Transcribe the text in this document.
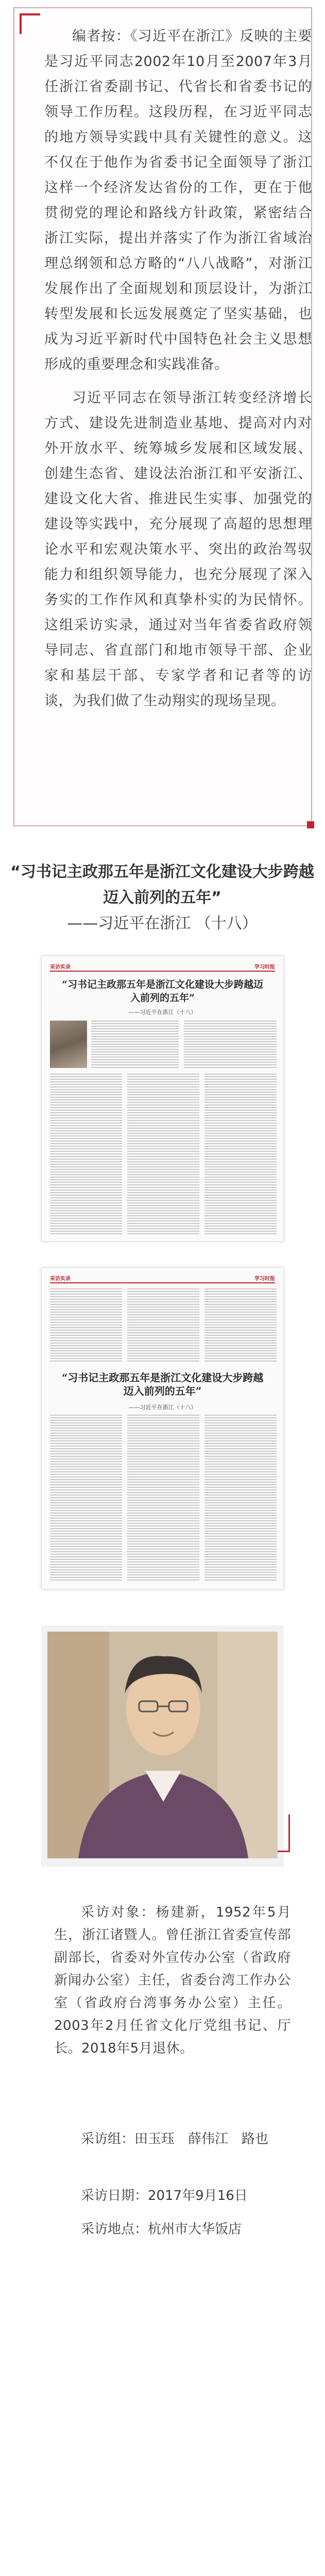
编者按：《习近平在浙江》反映的主要是习近平同志2002年10月至2007年3月任浙江省委副书记、代省长和省委书记的领导工作历程。这段历程，在习近平同志的地方领导实践中具有关键性的意义。这不仅在于他作为省委书记全面领导了浙江这样一个经济发达省份的工作，更在于他贯彻党的理论和路线方针政策，紧密结合浙江实际，提出并落实了作为浙江省域治理总纲领和总方略的“八八战略”，对浙江发展作出了全面规划和顶层设计，为浙江转型发展和长远发展奠定了坚实基础，也成为习近平新时代中国特色社会主义思想形成的重要理念和实践准备。

习近平同志在领导浙江转变经济增长方式、建设先进制造业基地、提高对内对外开放水平、统筹城乡发展和区域发展、创建生态省、建设法治浙江和平安浙江、建设文化大省、推进民生实事、加强党的建设等实践中，充分展现了高超的思想理论水平和宏观决策水平、突出的政治驾驭能力和组织领导能力，也充分展现了深入务实的工作作风和真挚朴实的为民情怀。这组采访实录，通过对当年省委省政府领导同志、省直部门和地市领导干部、企业家和基层干部、专家学者和记者等的访谈，为我们做了生动翔实的现场呈现。

“习书记主政那五年是浙江文化建设大步跨越迈入前列的五年”
——习近平在浙江 （十八）
采访实录	学习时报
“习书记主政那五年是浙江文化建设大步跨越迈入前列的五年”
——习近平在浙江（十八）
采访实录	学习时报
“习书记主政那五年是浙江文化建设大步跨越迈入前列的五年”
——习近平在浙江（十八）

采访对象：杨建新，1952年5月生，浙江诸暨人。曾任浙江省委宣传部副部长，省委对外宣传办公室（省政府新闻办公室）主任，省委台湾工作办公室（省政府台湾事务办公室）主任。2003年2月任省文化厅党组书记、厅长。2018年5月退休。

采访组：田玉珏　薛伟江　路也
采访日期：2017年9月16日
采访地点：杭州市大华饭店
